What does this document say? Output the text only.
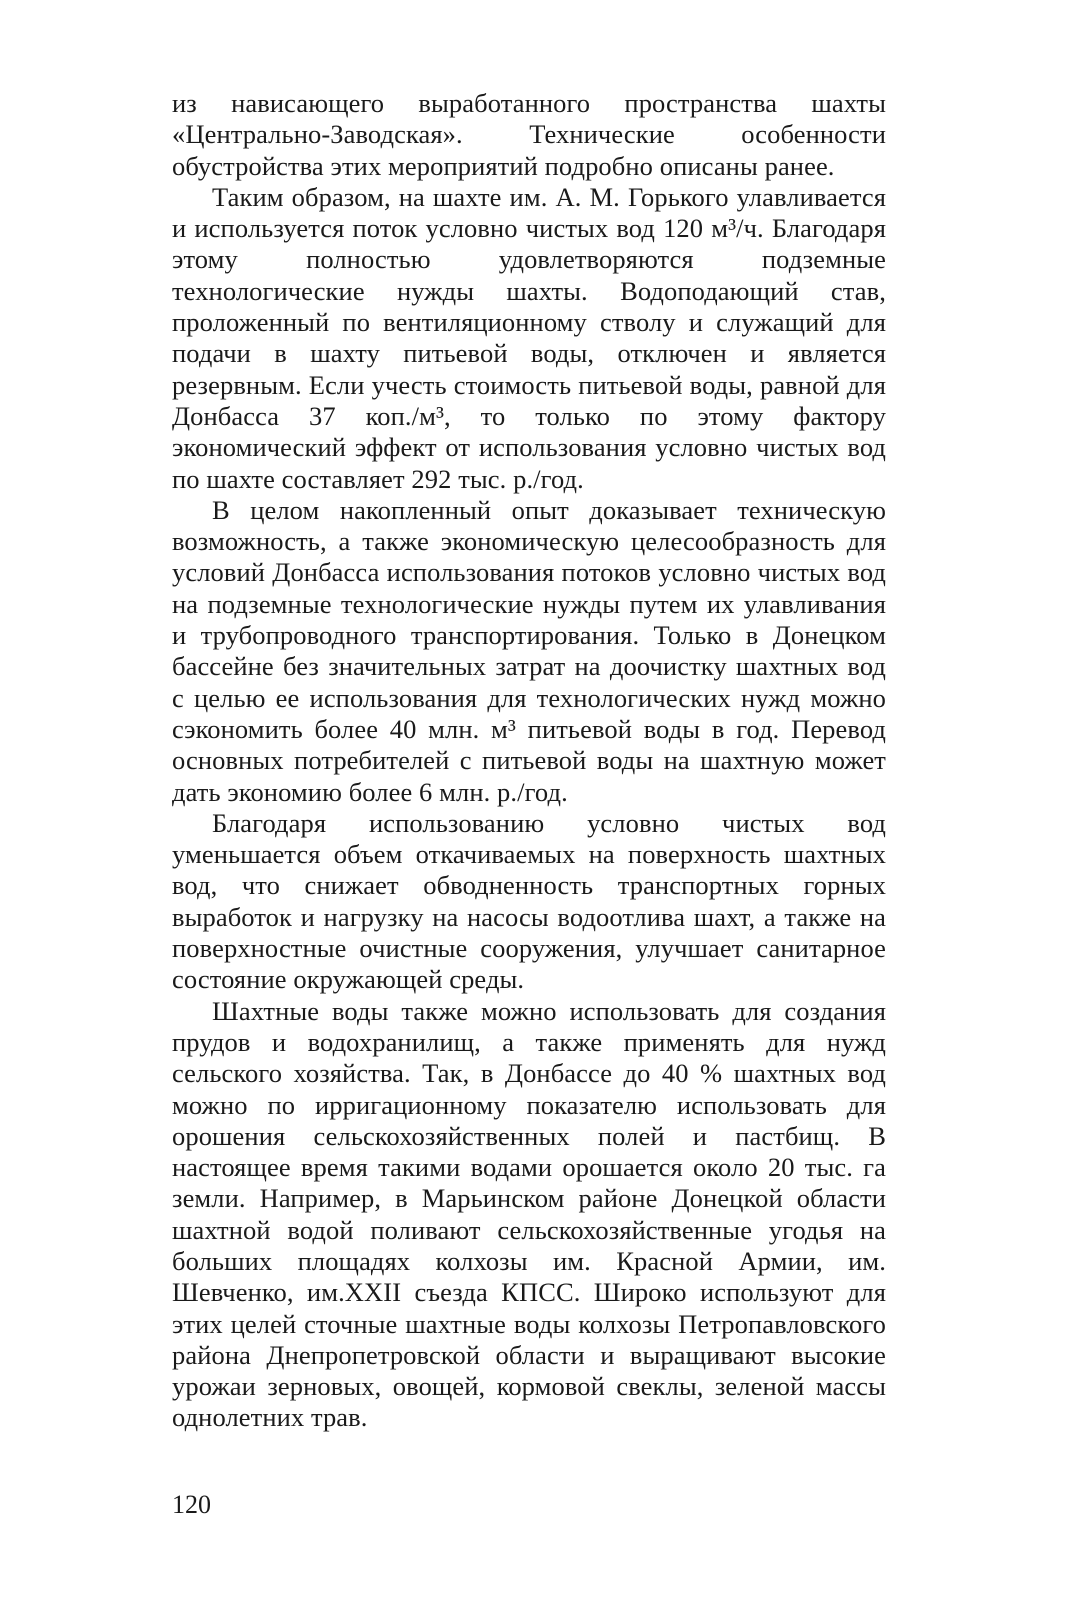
из нависающего выработанного пространства шахты «Центрально-Заводская». Технические особенности обустройства этих мероприятий подробно описаны ранее.

Таким образом, на шахте им. А. М. Горького улавливается и используется поток условно чистых вод 120 м³/ч. Благодаря этому полностью удовлетворяются подземные технологические нужды шахты. Водоподающий став, проложенный по вентиляционному стволу и служащий для подачи в шахту питьевой воды, отключен и является резервным. Если учесть стоимость питьевой воды, равной для Донбасса 37 коп./м³, то только по этому фактору экономический эффект от использования условно чистых вод по шахте составляет 292 тыс. р./год.

В целом накопленный опыт доказывает техническую возможность, а также экономическую целесообразность для условий Донбасса использования потоков условно чистых вод на подземные технологические нужды путем их улавливания и трубопроводного транспортирования. Только в Донецком бассейне без значительных затрат на доочистку шахтных вод с целью ее использования для технологических нужд можно сэкономить более 40 млн. м³ питьевой воды в год. Перевод основных потребителей с питьевой воды на шахтную может дать экономию более 6 млн. р./год.

Благодаря использованию условно чистых вод уменьшается объем откачиваемых на поверхность шахтных вод, что снижает обводненность транспортных горных выработок и нагрузку на насосы водоотлива шахт, а также на поверхностные очистные сооружения, улучшает санитарное состояние окружающей среды.

Шахтные воды также можно использовать для создания прудов и водохранилищ, а также применять для нужд сельского хозяйства. Так, в Донбассе до 40 % шахтных вод можно по ирригационному показателю использовать для орошения сельскохозяйственных полей и пастбищ. В настоящее время такими водами орошается около 20 тыс. га земли. Например, в Марьинском районе Донецкой области шахтной водой поливают сельскохозяйственные угодья на больших площадях колхозы им. Красной Армии, им. Шевченко, им.XXII съезда КПСС. Широко используют для этих целей сточные шахтные воды колхозы Петропавловского района Днепропетровской области и выращивают высокие урожаи зерновых, овощей, кормовой свеклы, зеленой массы однолетних трав.

120
